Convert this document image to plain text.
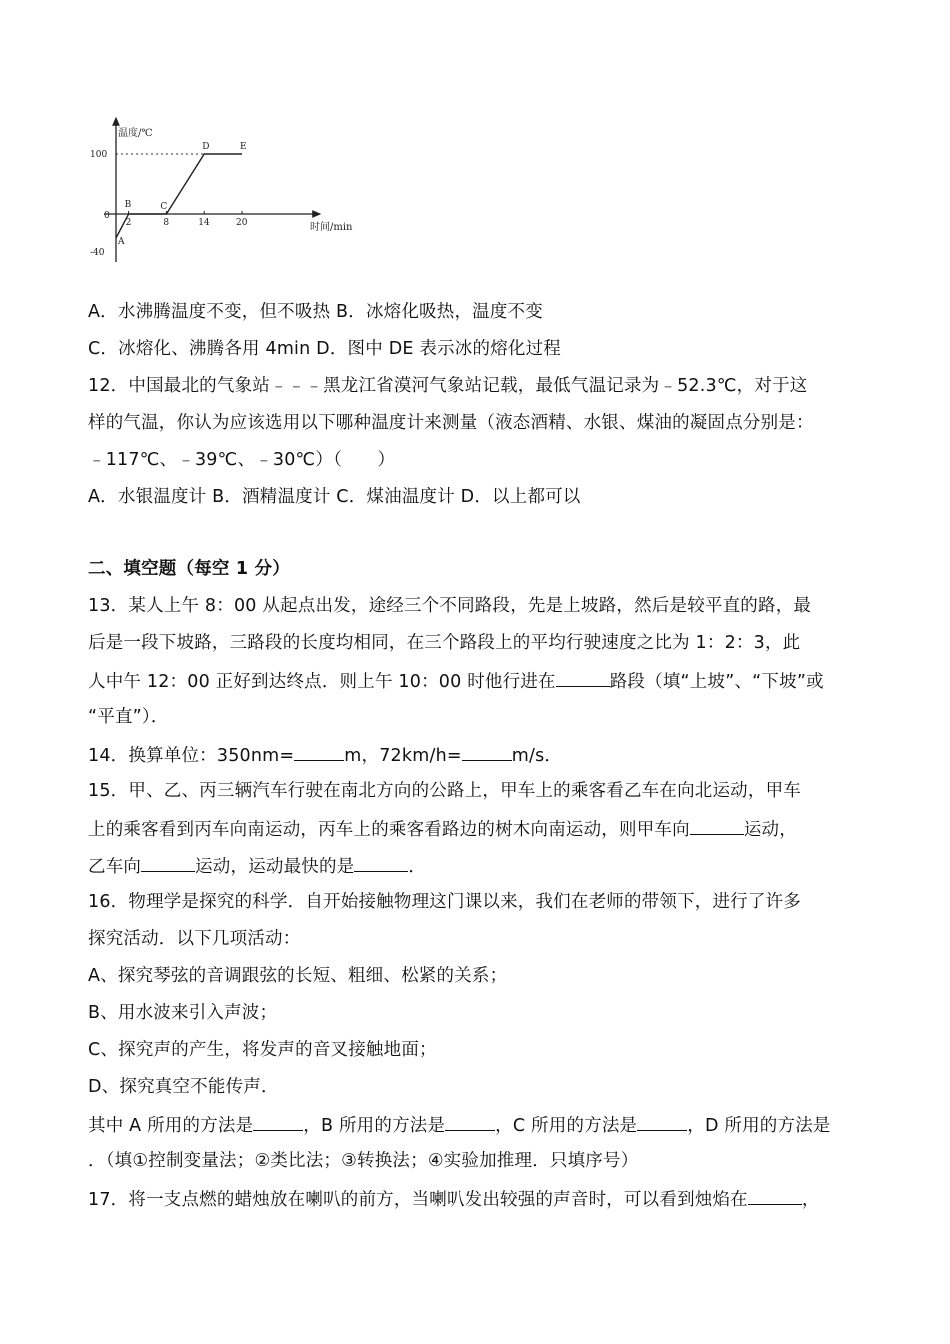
温度/℃
时间/min
100
0
-40
2	8	14	20
A
B	C
D	E
A．水沸腾温度不变，但不吸热 B．冰熔化吸热，温度不变
C．冰熔化、沸腾各用 4min D．图中 DE 表示冰的熔化过程
12．中国最北的气象站﹣﹣﹣黑龙江省漠河气象站记载，最低气温记录为﹣52.3℃，对于这
样的气温，你认为应该选用以下哪种温度计来测量（液态酒精、水银、煤油的凝固点分别是：
﹣117℃、﹣39℃、﹣30℃）（　　）
A．水银温度计 B．酒精温度计 C．煤油温度计 D．以上都可以
二、填空题（每空 1 分）
13．某人上午 8：00 从起点出发，途经三个不同路段，先是上坡路，然后是较平直的路，最
后是一段下坡路，三路段的长度均相同，在三个路段上的平均行驶速度之比为 1：2：3，此
人中午 12：00 正好到达终点．则上午 10：00 时他行进在	路段（填“上坡”、“下坡”或
“平直”）．
14．换算单位：350nm=	m，72km/h=	m/s．
15．甲、乙、丙三辆汽车行驶在南北方向的公路上，甲车上的乘客看乙车在向北运动，甲车
上的乘客看到丙车向南运动，丙车上的乘客看路边的树木向南运动，则甲车向	运动，
乙车向	运动，运动最快的是	．
16．物理学是探究的科学．自开始接触物理这门课以来，我们在老师的带领下，进行了许多
探究活动．以下几项活动：
A、探究琴弦的音调跟弦的长短、粗细、松紧的关系；
B、用水波来引入声波；
C、探究声的产生，将发声的音叉接触地面；
D、探究真空不能传声．
其中 A 所用的方法是	，B 所用的方法是	，C 所用的方法是	，D 所用的方法是
．（填①控制变量法；②类比法；③转换法；④实验加推理．只填序号）
17．将一支点燃的蜡烛放在喇叭的前方，当喇叭发出较强的声音时，可以看到烛焰在	，
